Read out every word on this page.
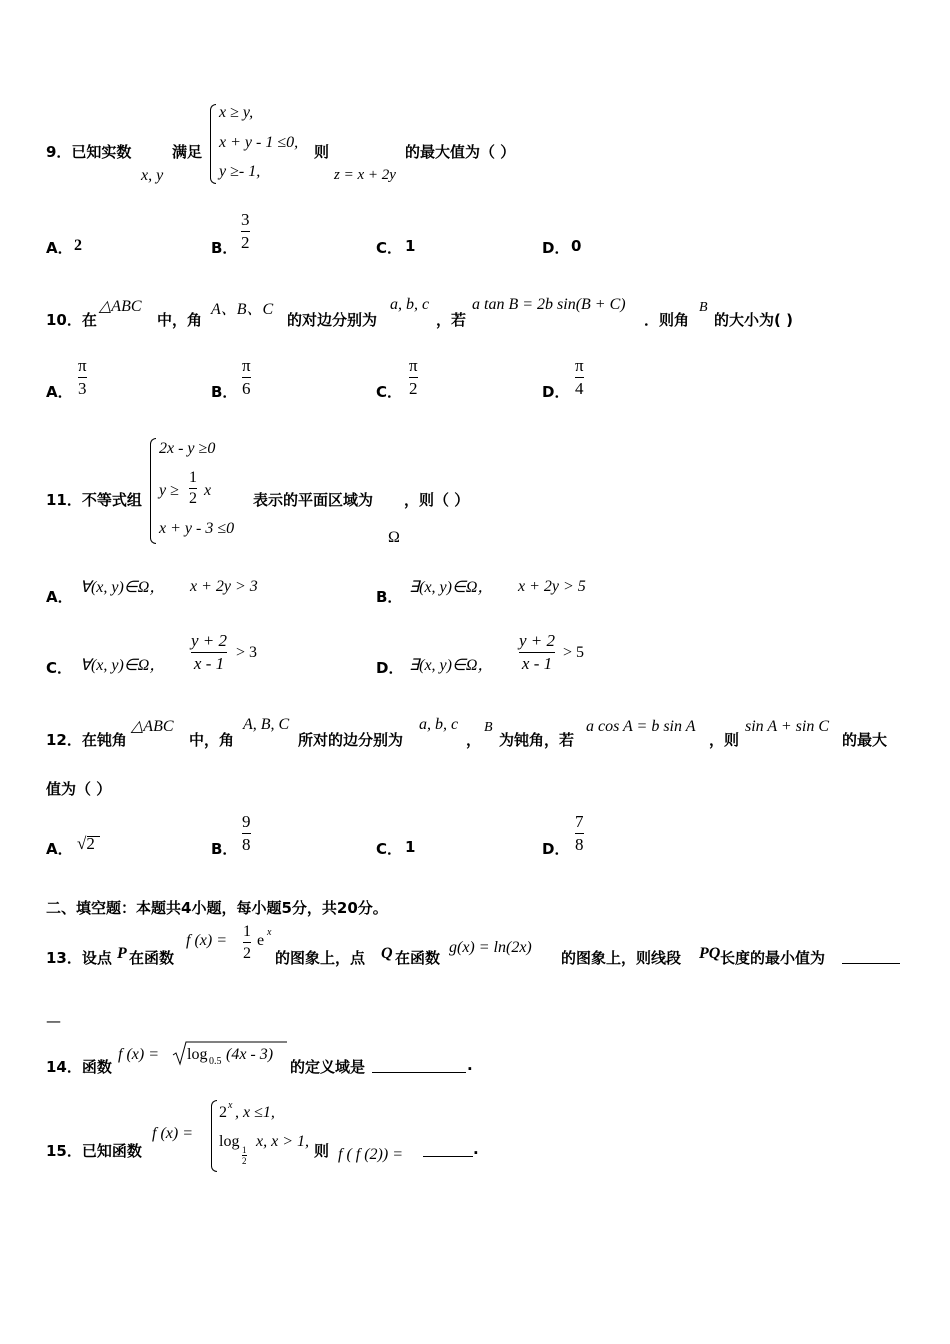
9．已知实数
x, y
满足
x ≥ y,
x + y - 1 ≤0,
y ≥- 1,
则
z = x + 2y
的最大值为（ ）
A． 2	B．
3
2	C． 1	D． 0
10．在
△ABC
中，角
A、B、C
的对边分别为
a, b, c
，若
a tan B = 2b sin(B + C)
．则角
B
的大小为( )
A．
π
3	B．
π
6	C．
π
2	D．
π
4
11．不等式组
2x - y ≥0
y ≥
1
2 x
x + y - 3 ≤0
表示的平面区域为
Ω
，则（ ）
A．
∀(x, y)∈Ω， x + 2y > 3
B．
∃(x, y)∈Ω， x + 2y > 5
C． ∀(x, y)∈Ω，
y + 2
x - 1
> 3
D． ∃(x, y)∈Ω，
y + 2
x - 1
> 5
12．在钝角
△ABC
中，角
A, B, C
所对的边分别为
a, b, c
，
B
为钝角，若
a cos A = b sin A
，则
sin A + sin C
的最大
值为（ ）
A． √2	B．
9
8	C． 1	D．
7
8
二、填空题：本题共4小题，每小题5分，共20分。
13．设点 P 在函数
f (x) =
1
2
e x
的图象上，点 Q 在函数
g(x) = ln(2x)
的图象上，则线段 PQ 长度的最小值为
—
14．函数
f (x) = log 0.5 (4x - 3)
的定义域是	.
15．已知函数
f (x) =
2 x , x ≤1,
log 1
2
x, x > 1,
则 f ( f (2)) =	.
